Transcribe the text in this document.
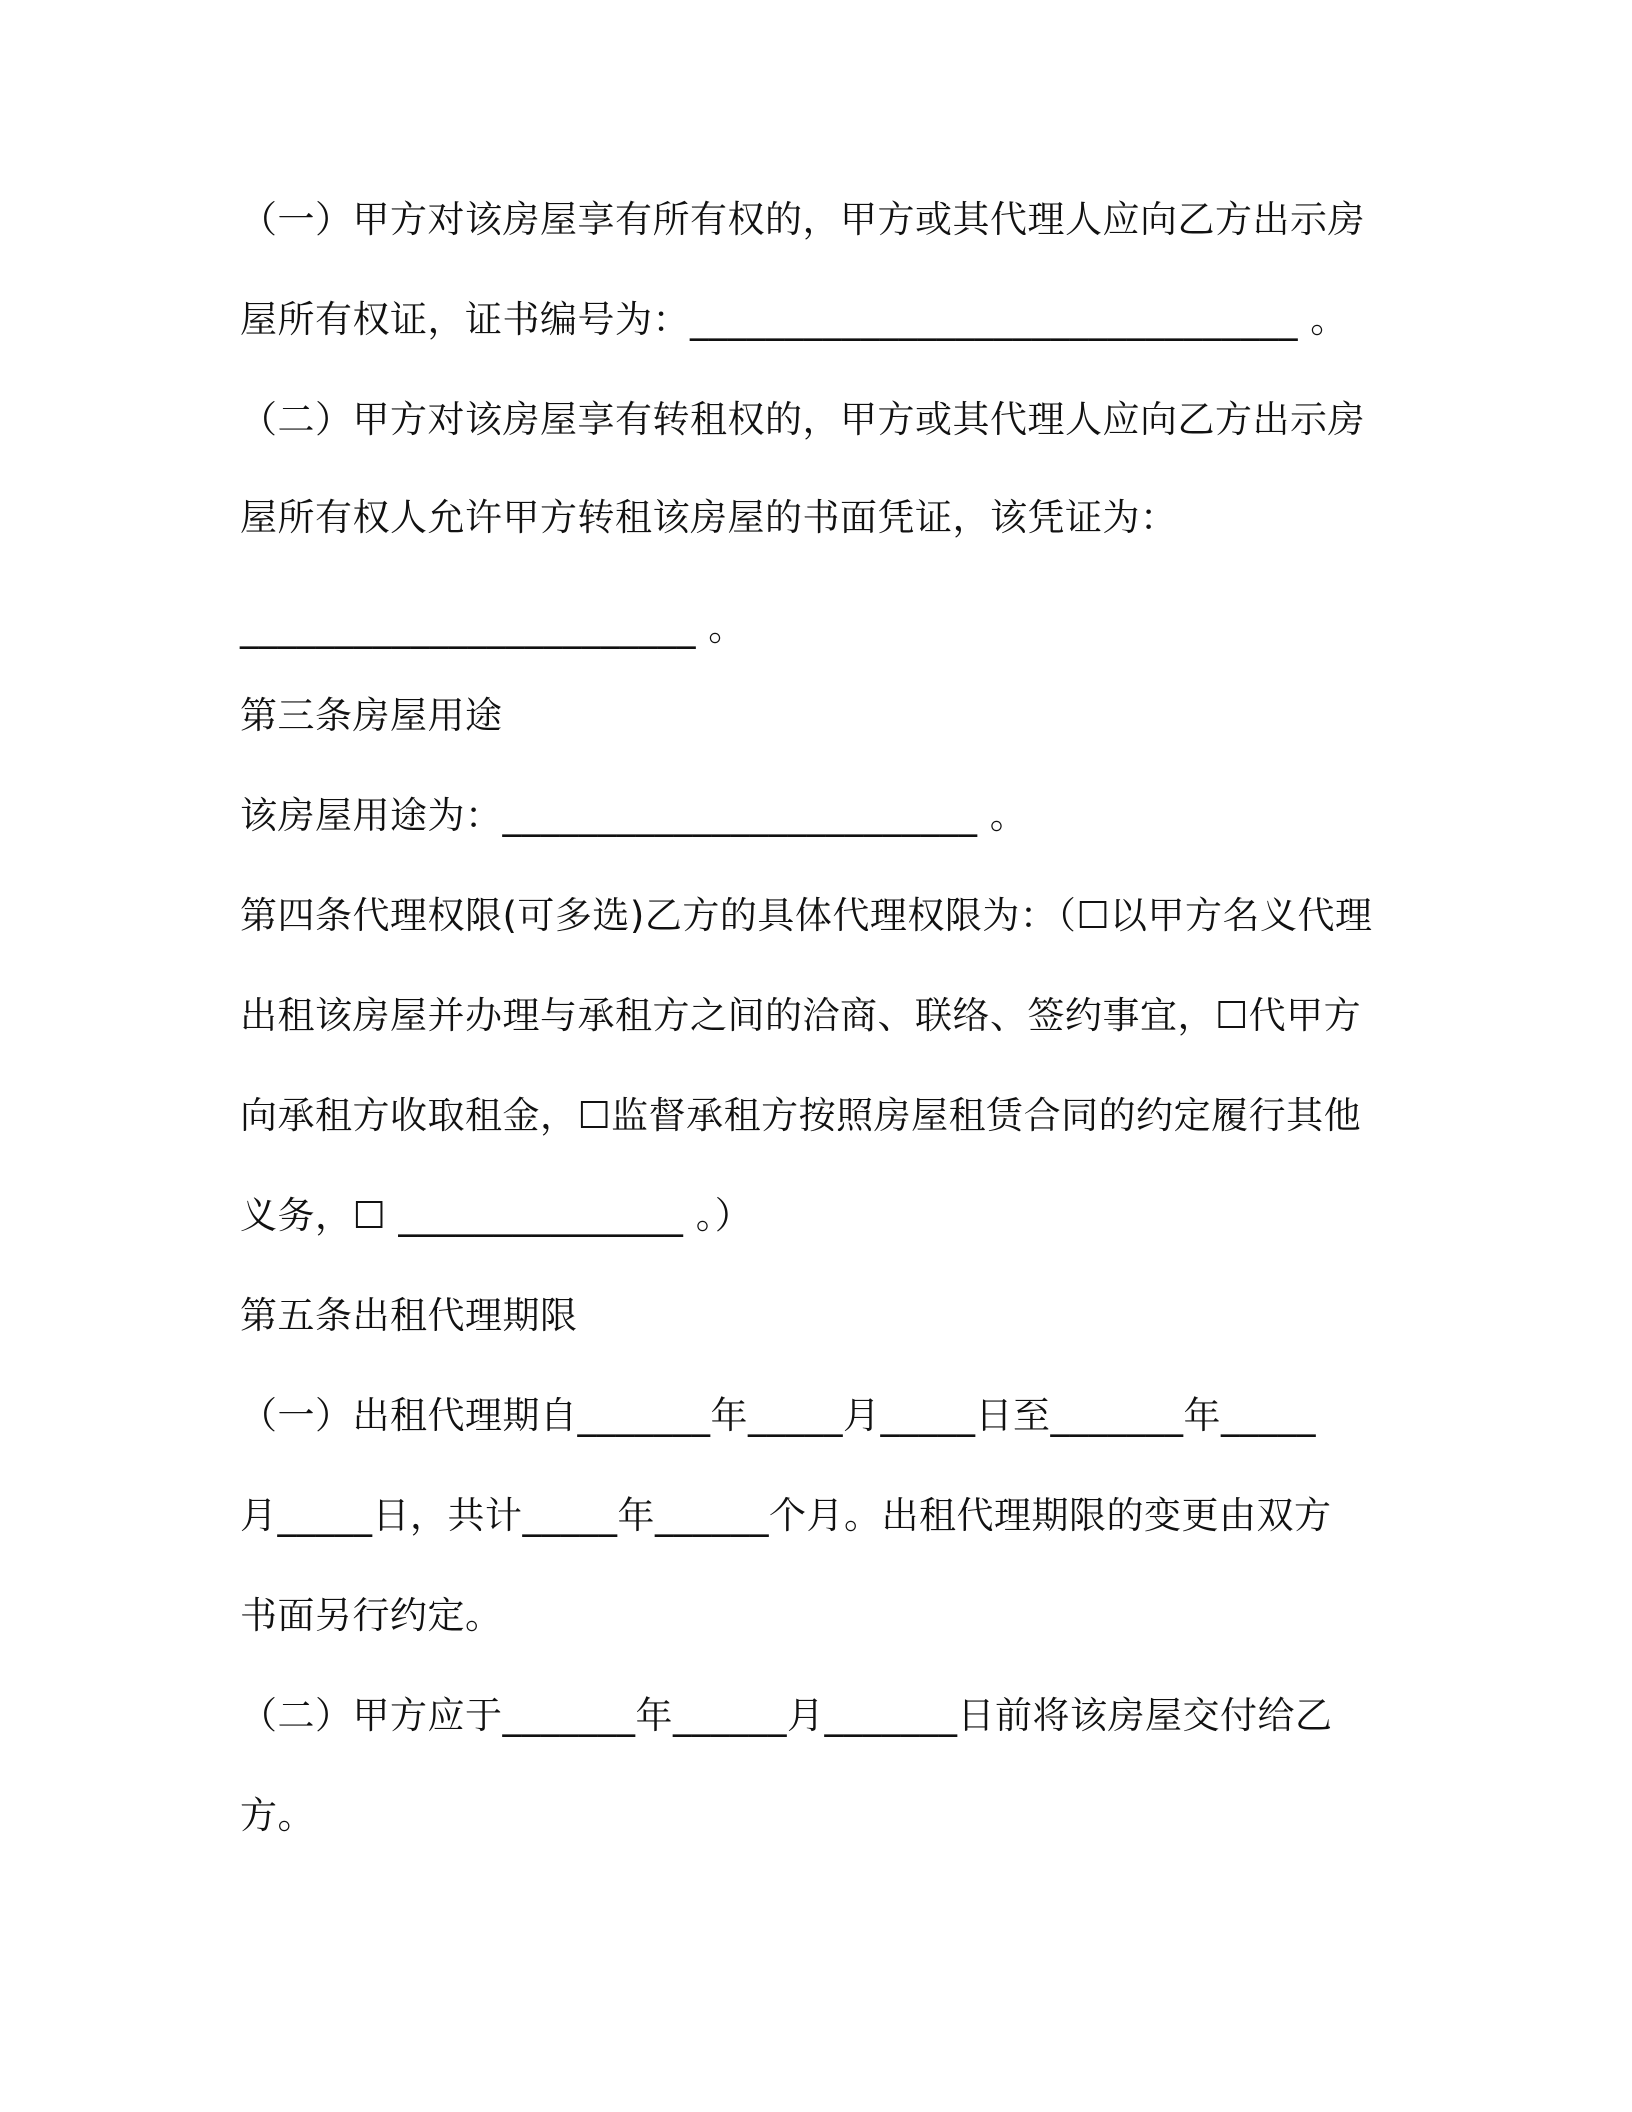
（一）甲方对该房屋享有所有权的，甲方或其代理人应向乙方出示房
屋所有权证，证书编号为：________________________________ 。
（二）甲方对该房屋享有转租权的，甲方或其代理人应向乙方出示房
屋所有权人允许甲方转租该房屋的书面凭证，该凭证为：
________________________ 。
第三条房屋用途
该房屋用途为：_________________________ 。
第四条代理权限(可多选)乙方的具体代理权限为：（☐以甲方名义代理
出租该房屋并办理与承租方之间的洽商、联络、签约事宜，☐代甲方
向承租方收取租金，☐监督承租方按照房屋租赁合同的约定履行其他
义务，☐ _______________ 。）
第五条出租代理期限
（一）出租代理期自_______年_____月_____日至_______年_____
月_____日，共计_____年______个月。出租代理期限的变更由双方
书面另行约定。
（二）甲方应于_______年______月_______日前将该房屋交付给乙
方。
